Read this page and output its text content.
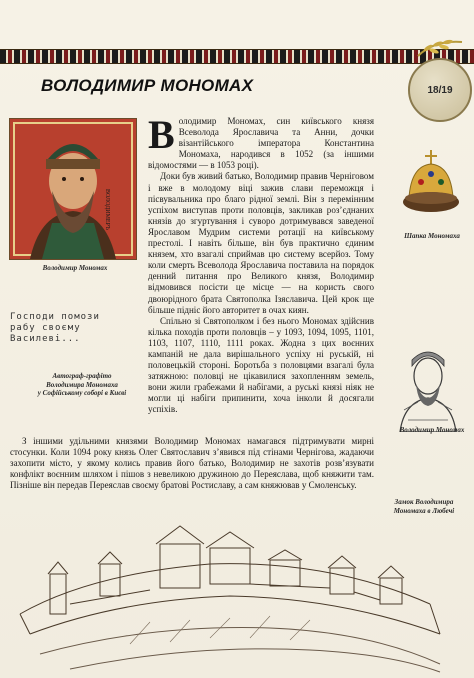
18/19
ВОЛОДИМИР МОНОМАХ
ВОЛОДИМЕРЪ
Володимир Мономах
Господи помози
рабу своєму
Василеві...
Автограф-графіто
Володимира Мономаха
у Софійському соборі в Києві

Володимир Мономах, син київського князя Всеволода Ярославича та Анни, дочки візантійського імператора Константина Мономаха, народився в 1052 (за іншими відомостями — в 1053 році).

Доки був живий батько, Володимир правив Черніговом і вже в молодому віці зажив слави переможця і пісвувальника про благо рідної землі. Він з перемінним успіхом виступав проти половців, закликав роз’єднаних князів до згуртування і суворо дотримувався заведеної Ярославом Мудрим системи ротації на київському престолі. І навіть більше, він був практично єдиним князем, хто взагалі сприймав цю систему всерйоз. Тому коли смерть Всеволода Ярославича поставила на порядок денний питання про Великого князя, Володимир відмовився посісти це місце — на користь свого двоюрідного брата Святополка Ізяславича. Цей крок ще більше підніс його авторитет в очах киян.

Спільно зі Святополком і без нього Мономах здійснив кілька походів проти половців – у 1093, 1094, 1095, 1101, 1103, 1107, 1110, 1111 роках. Жодна з цих воєнних кампаній не дала вирішального успіху ні руській, ні половецькій стороні. Боротьба з половцями взагалі була затяжною: половці не цікавилися захопленням земель, вони жили грабежами й набігами, а руські князі ніяк не могли ці набіги припинити, хоча інколи й досягали успіхів.

З іншими удільними князями Володимир Мономах намагався підтримувати мирні стосунки. Коли 1094 року князь Олег Святославич з’явився під стінами Чернігова, жадаючи захопити місто, у якому колись правив його батько, Володимир не захотів розв’язувати конфлікт воєнним шляхом і пішов з невеликою дружиною до Переяслава, щоб княжити там. Пізніше він передав Переяслав своєму братові Ростиславу, а сам княжював у Смоленську.

Шапка Мономаха
Володимир Мономах
Замок Володимира
Мономаха в Любечі
